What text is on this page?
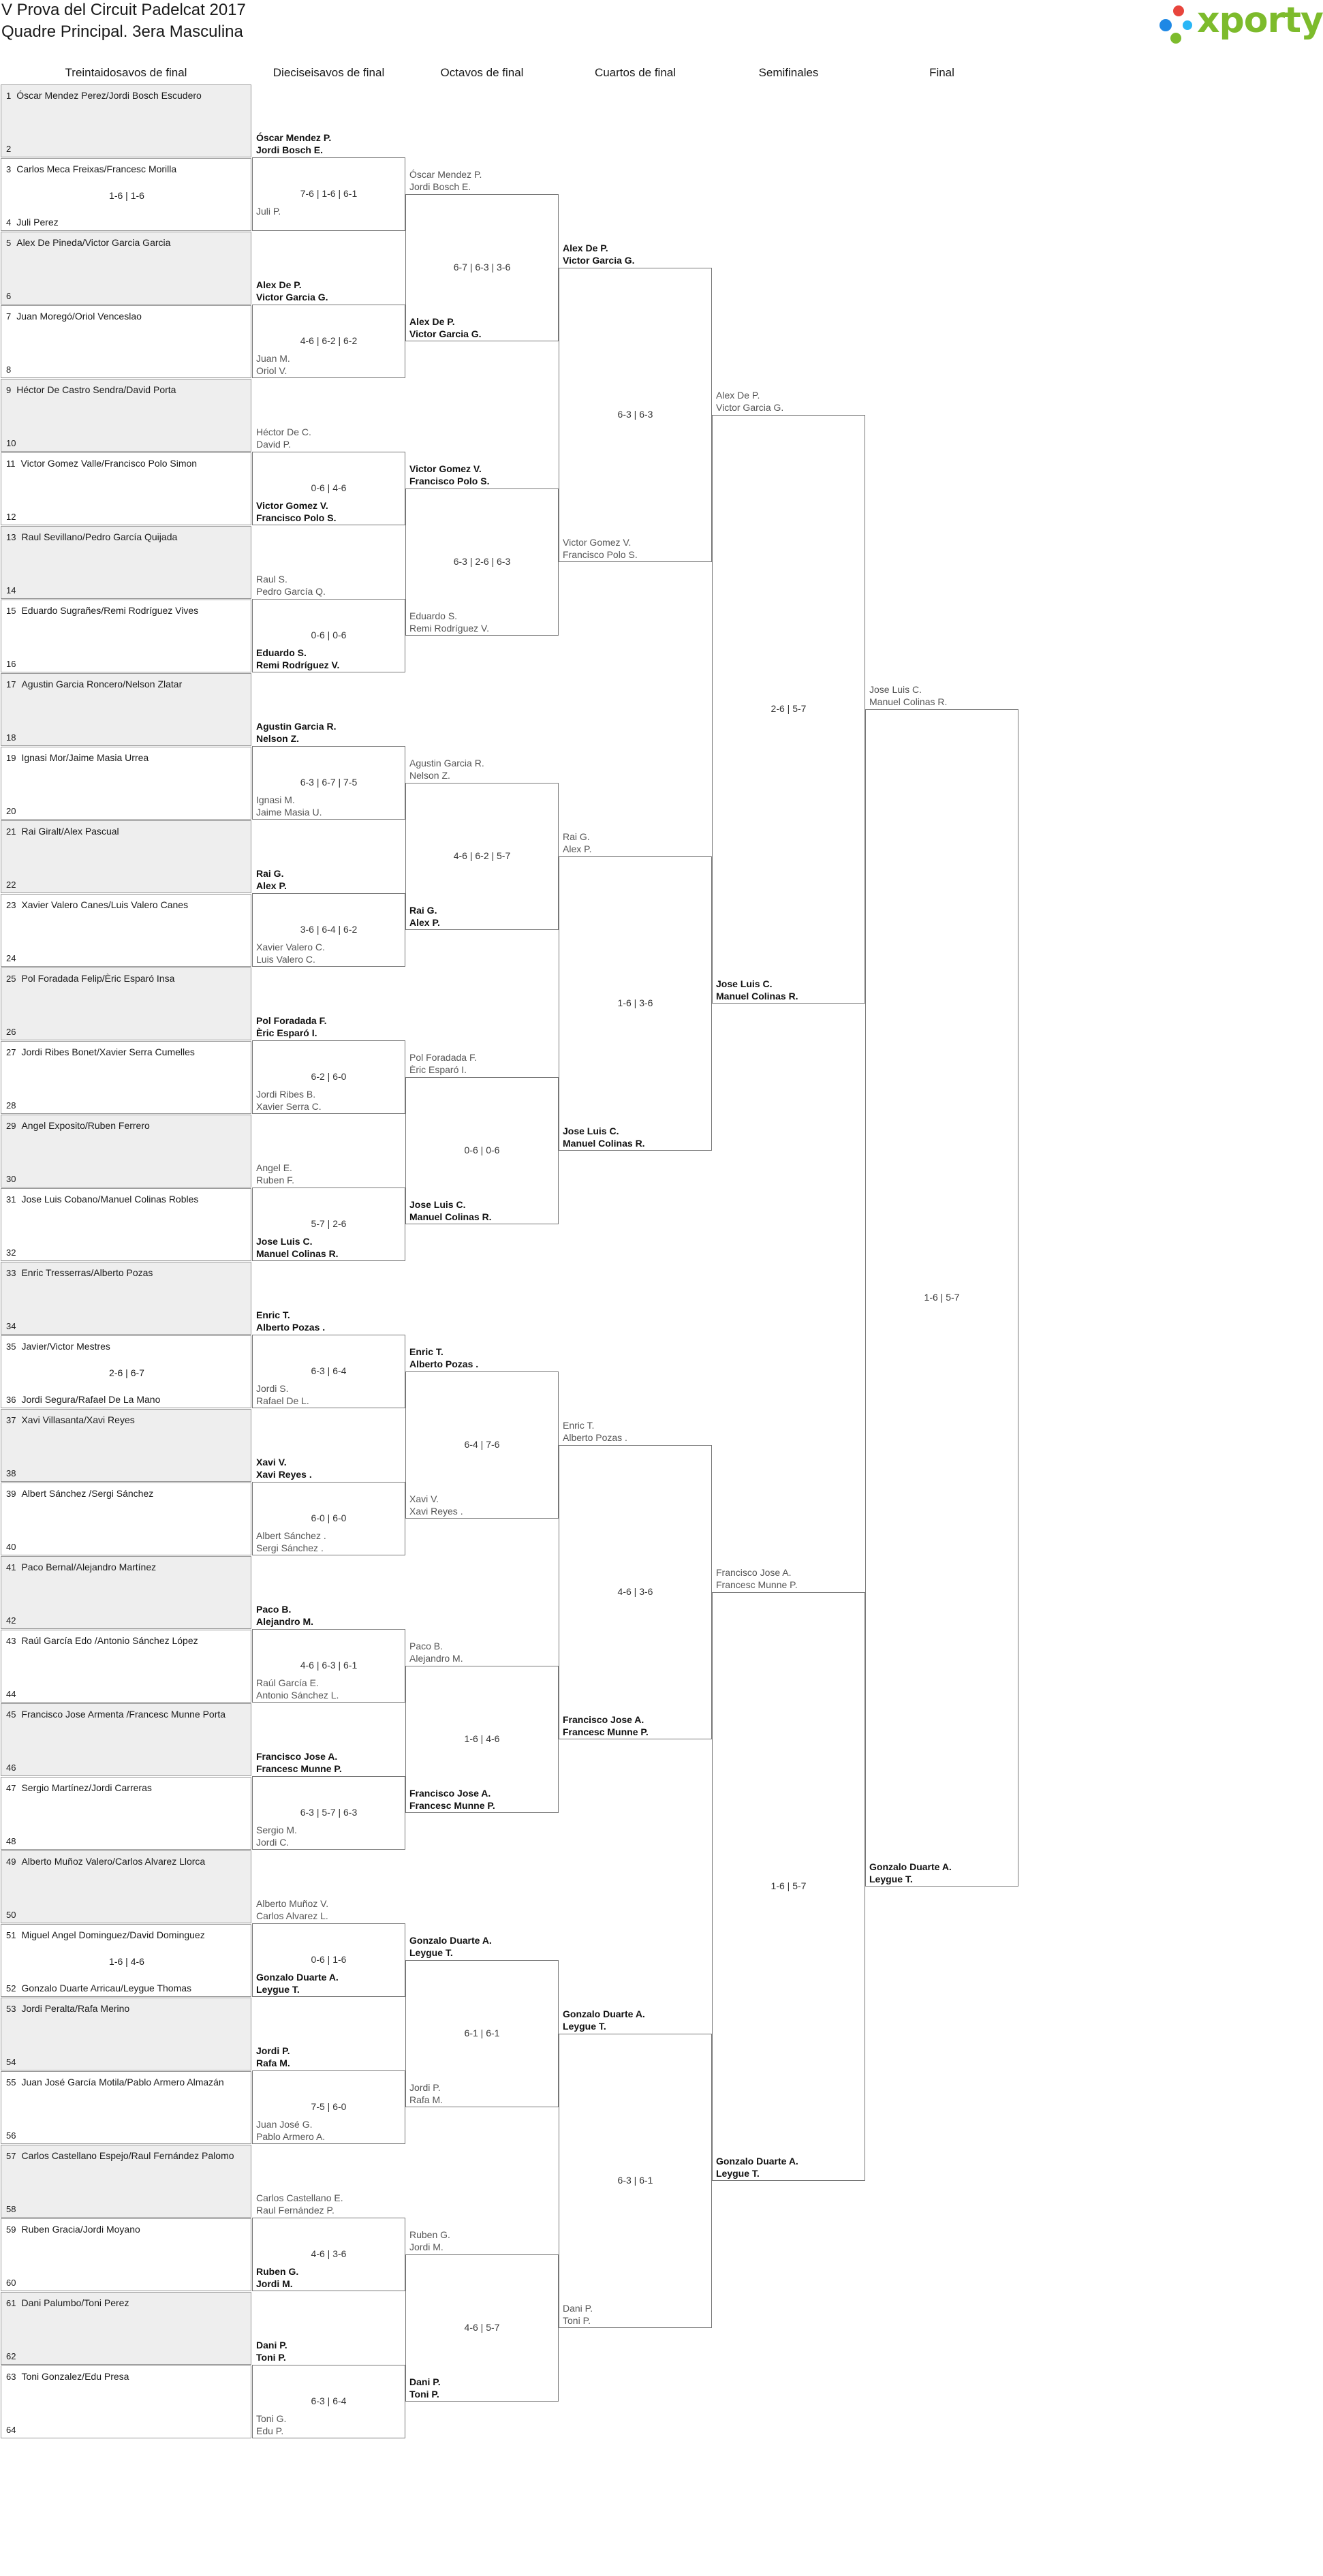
V Prova del Circuit Padelcat 2017
Quadre Principal. 3era Masculina	xporty
Treintaidosavos de final	Dieciseisavos de final	Octavos de final	Cuartos de final	Semifinales	Final
1 Óscar Mendez Perez/Jordi Bosch Escudero
2
3 Carlos Meca Freixas/Francesc Morilla
4 Juli Perez
1-6 | 1-6
5 Alex De Pineda/Victor Garcia Garcia
6
7 Juan Moregó/Oriol Venceslao
8
9 Héctor De Castro Sendra/David Porta
10
11 Victor Gomez Valle/Francisco Polo Simon
12
13 Raul Sevillano/Pedro García Quijada
14
15 Eduardo Sugrañes/Remi Rodríguez Vives
16
17 Agustin Garcia Roncero/Nelson Zlatar
18
19 Ignasi Mor/Jaime Masia Urrea
20
21 Rai Giralt/Alex Pascual
22
23 Xavier Valero Canes/Luis Valero Canes
24
25 Pol Foradada Felip/Èric Esparó Insa
26
27 Jordi Ribes Bonet/Xavier Serra Cumelles
28
29 Angel Exposito/Ruben Ferrero
30
31 Jose Luis Cobano/Manuel Colinas Robles
32
33 Enric Tresserras/Alberto Pozas
34
35 Javier/Victor Mestres
36 Jordi Segura/Rafael De La Mano
2-6 | 6-7
37 Xavi Villasanta/Xavi Reyes
38
39 Albert Sánchez /Sergi Sánchez
40
41 Paco Bernal/Alejandro Martínez
42
43 Raúl García Edo /Antonio Sánchez López
44
45 Francisco Jose Armenta /Francesc Munne Porta
46
47 Sergio Martínez/Jordi Carreras
48
49 Alberto Muñoz Valero/Carlos Alvarez Llorca
50
51 Miguel Angel Dominguez/David Dominguez
52 Gonzalo Duarte Arricau/Leygue Thomas
1-6 | 4-6
53 Jordi Peralta/Rafa Merino
54
55 Juan José García Motila/Pablo Armero Almazán
56
57 Carlos Castellano Espejo/Raul Fernández Palomo
58
59 Ruben Gracia/Jordi Moyano
60
61 Dani Palumbo/Toni Perez
62
63 Toni Gonzalez/Edu Presa
64
Óscar Mendez P.
Jordi Bosch E.
Juli P.
7-6 | 1-6 | 6-1
Alex De P.
Victor Garcia G.
Juan M.
Oriol V.
4-6 | 6-2 | 6-2
Héctor De C.
David P.
Victor Gomez V.
Francisco Polo S.
0-6 | 4-6
Raul S.
Pedro García Q.
Eduardo S.
Remi Rodríguez V.
0-6 | 0-6
Agustin Garcia R.
Nelson Z.
Ignasi M.
Jaime Masia U.
6-3 | 6-7 | 7-5
Rai G.
Alex P.
Xavier Valero C.
Luis Valero C.
3-6 | 6-4 | 6-2
Pol Foradada F.
Èric Esparó I.
Jordi Ribes B.
Xavier Serra C.
6-2 | 6-0
Angel E.
Ruben F.
Jose Luis C.
Manuel Colinas R.
5-7 | 2-6
Enric T.
Alberto Pozas .
Jordi S.
Rafael De L.
6-3 | 6-4
Xavi V.
Xavi Reyes .
Albert Sánchez .
Sergi Sánchez .
6-0 | 6-0
Paco B.
Alejandro M.
Raúl García E.
Antonio Sánchez L.
4-6 | 6-3 | 6-1
Francisco Jose A.
Francesc Munne P.
Sergio M.
Jordi C.
6-3 | 5-7 | 6-3
Alberto Muñoz V.
Carlos Alvarez L.
Gonzalo Duarte A.
Leygue T.
0-6 | 1-6
Jordi P.
Rafa M.
Juan José G.
Pablo Armero A.
7-5 | 6-0
Carlos Castellano E.
Raul Fernández P.
Ruben G.
Jordi M.
4-6 | 3-6
Dani P.
Toni P.
Toni G.
Edu P.
6-3 | 6-4
Óscar Mendez P.
Jordi Bosch E.
Alex De P.
Victor Garcia G.
6-7 | 6-3 | 3-6
Victor Gomez V.
Francisco Polo S.
Eduardo S.
Remi Rodríguez V.
6-3 | 2-6 | 6-3
Agustin Garcia R.
Nelson Z.
Rai G.
Alex P.
4-6 | 6-2 | 5-7
Pol Foradada F.
Èric Esparó I.
Jose Luis C.
Manuel Colinas R.
0-6 | 0-6
Enric T.
Alberto Pozas .
Xavi V.
Xavi Reyes .
6-4 | 7-6
Paco B.
Alejandro M.
Francisco Jose A.
Francesc Munne P.
1-6 | 4-6
Gonzalo Duarte A.
Leygue T.
Jordi P.
Rafa M.
6-1 | 6-1
Ruben G.
Jordi M.
Dani P.
Toni P.
4-6 | 5-7
Alex De P.
Victor Garcia G.
Victor Gomez V.
Francisco Polo S.
6-3 | 6-3
Rai G.
Alex P.
Jose Luis C.
Manuel Colinas R.
1-6 | 3-6
Enric T.
Alberto Pozas .
Francisco Jose A.
Francesc Munne P.
4-6 | 3-6
Gonzalo Duarte A.
Leygue T.
Dani P.
Toni P.
6-3 | 6-1
Alex De P.
Victor Garcia G.
Jose Luis C.
Manuel Colinas R.
2-6 | 5-7
Francisco Jose A.
Francesc Munne P.
Gonzalo Duarte A.
Leygue T.
1-6 | 5-7
Jose Luis C.
Manuel Colinas R.
Gonzalo Duarte A.
Leygue T.
1-6 | 5-7
